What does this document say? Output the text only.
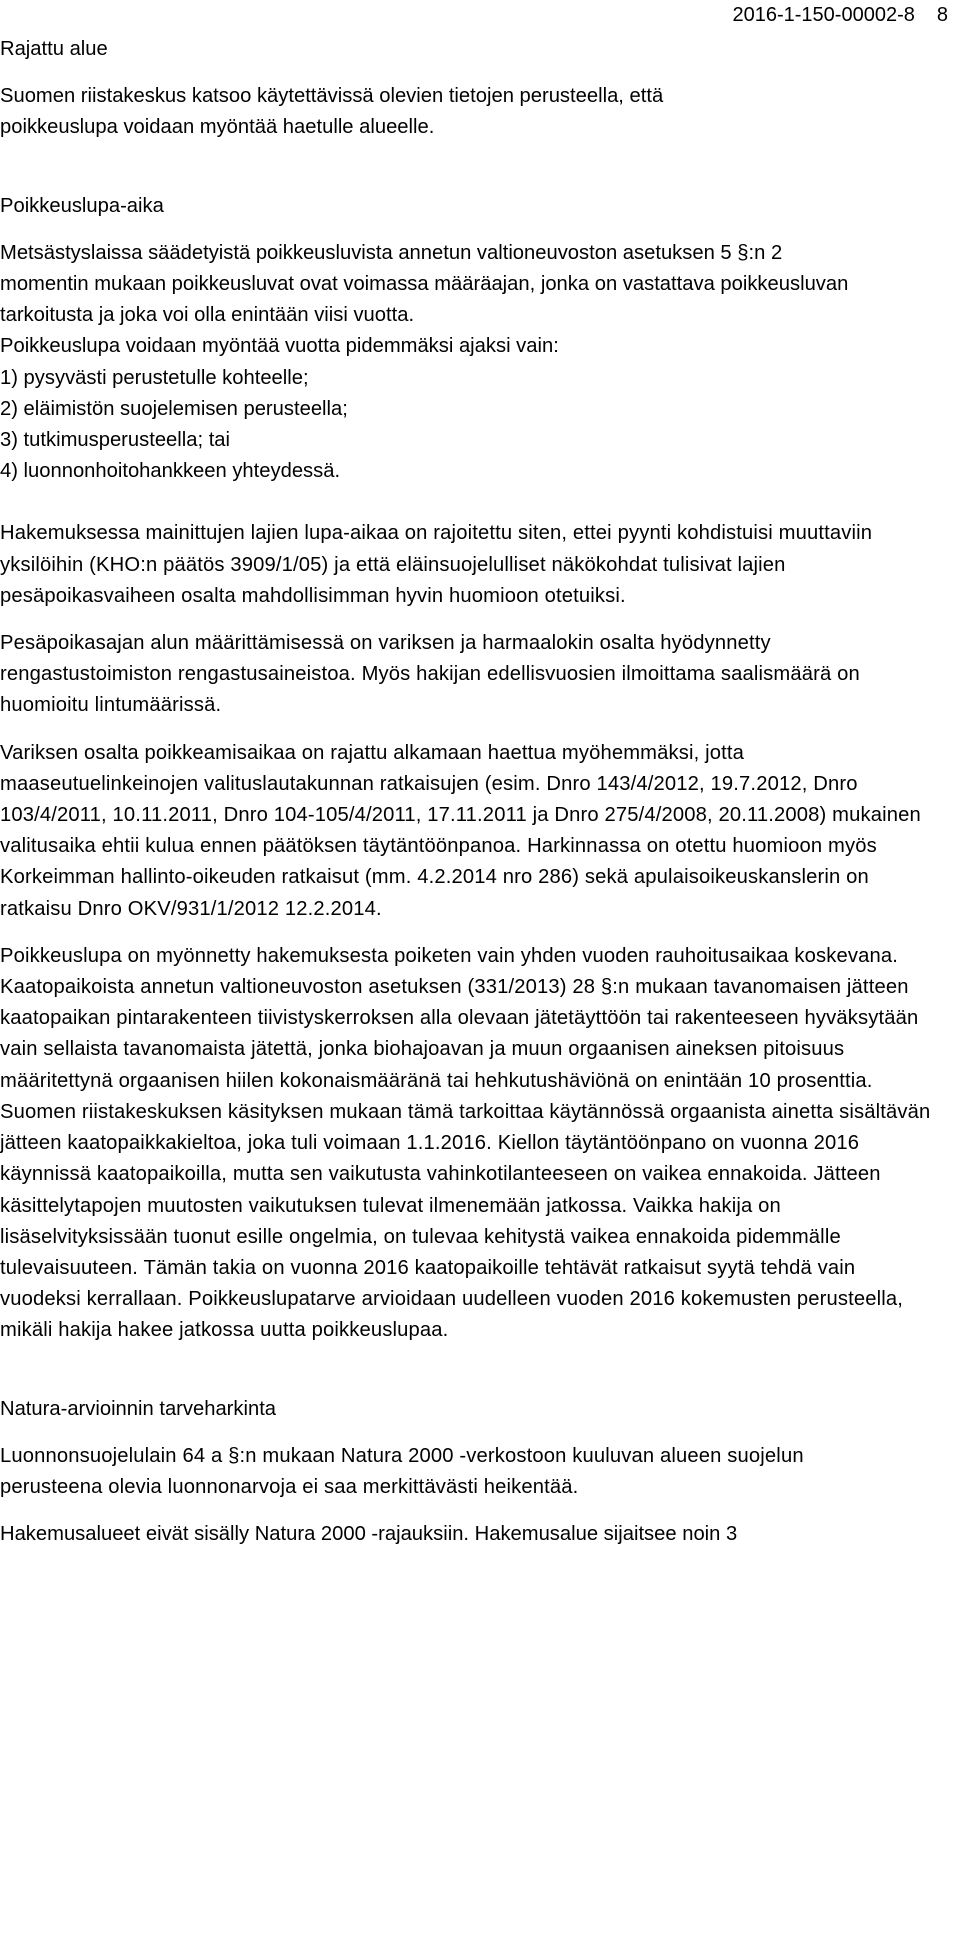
2016-1-150-00002-8 8
Rajattu alue

Suomen riistakeskus katsoo käytettävissä olevien tietojen perusteella, että poikkeuslupa voidaan myöntää haetulle alueelle.

Poikkeuslupa-aika

Metsästyslaissa säädetyistä poikkeusluvista annetun valtioneuvoston asetuksen 5 §:n 2 momentin mukaan poikkeusluvat ovat voimassa määräajan, jonka on vastattava poikkeusluvan tarkoitusta ja joka voi olla enintään viisi vuotta.

Poikkeuslupa voidaan myöntää vuotta pidemmäksi ajaksi vain:

1) pysyvästi perustetulle kohteelle;
2) eläimistön suojelemisen perusteella;
3) tutkimusperusteella; tai
4) luonnonhoitohankkeen yhteydessä.

Hakemuksessa mainittujen lajien lupa-aikaa on rajoitettu siten, ettei pyynti kohdistuisi muuttaviin yksilöihin (KHO:n päätös 3909/1/05) ja että eläinsuojelulliset näkökohdat tulisivat lajien pesäpoikasvaiheen osalta mahdollisimman hyvin huomioon otetuiksi.

Pesäpoikasajan alun määrittämisessä on variksen ja harmaalokin osalta hyödynnetty rengastustoimiston rengastusaineistoa. Myös hakijan edellisvuosien ilmoittama saalismäärä on huomioitu lintumäärissä.

Variksen osalta poikkeamisaikaa on rajattu alkamaan haettua myöhemmäksi, jotta maaseutuelinkeinojen valituslautakunnan ratkaisujen (esim. Dnro 143/4/2012, 19.7.2012, Dnro 103/4/2011, 10.11.2011, Dnro 104-105/4/2011, 17.11.2011 ja Dnro 275/4/2008, 20.11.2008) mukainen valitusaika ehtii kulua ennen päätöksen täytäntöönpanoa. Harkinnassa on otettu huomioon myös Korkeimman hallinto-oikeuden ratkaisut (mm. 4.2.2014 nro 286) sekä apulaisoikeuskanslerin on ratkaisu Dnro OKV/931/1/2012 12.2.2014.

Poikkeuslupa on myönnetty hakemuksesta poiketen vain yhden vuoden rauhoitusaikaa koskevana. Kaatopaikoista annetun valtioneuvoston asetuksen (331/2013) 28 §:n mukaan tavanomaisen jätteen kaatopaikan pintarakenteen tiivistyskerroksen alla olevaan jätetäyttöön tai rakenteeseen hyväksytään vain sellaista tavanomaista jätettä, jonka biohajoavan ja muun orgaanisen aineksen pitoisuus määritettynä orgaanisen hiilen kokonaismääränä tai hehkutushäviönä on enintään 10 prosenttia.

Suomen riistakeskuksen käsityksen mukaan tämä tarkoittaa käytännössä orgaanista ainetta sisältävän jätteen kaatopaikkakieltoa, joka tuli voimaan 1.1.2016. Kiellon täytäntöönpano on vuonna 2016 käynnissä kaatopaikoilla, mutta sen vaikutusta vahinkotilanteeseen on vaikea ennakoida. Jätteen käsittelytapojen muutosten vaikutuksen tulevat ilmenemään jatkossa. Vaikka hakija on lisäselvityksissään tuonut esille ongelmia, on tulevaa kehitystä vaikea ennakoida pidemmälle tulevaisuuteen. Tämän takia on vuonna 2016 kaatopaikoille tehtävät ratkaisut syytä tehdä vain vuodeksi kerrallaan. Poikkeuslupatarve arvioidaan uudelleen vuoden 2016 kokemusten perusteella, mikäli hakija hakee jatkossa uutta poikkeuslupaa.

Natura-arvioinnin tarveharkinta

Luonnonsuojelulain 64 a §:n mukaan Natura 2000 -verkostoon kuuluvan alueen suojelun perusteena olevia luonnonarvoja ei saa merkittävästi heikentää.

Hakemusalueet eivät sisälly Natura 2000 -rajauksiin. Hakemusalue sijaitsee noin 3
